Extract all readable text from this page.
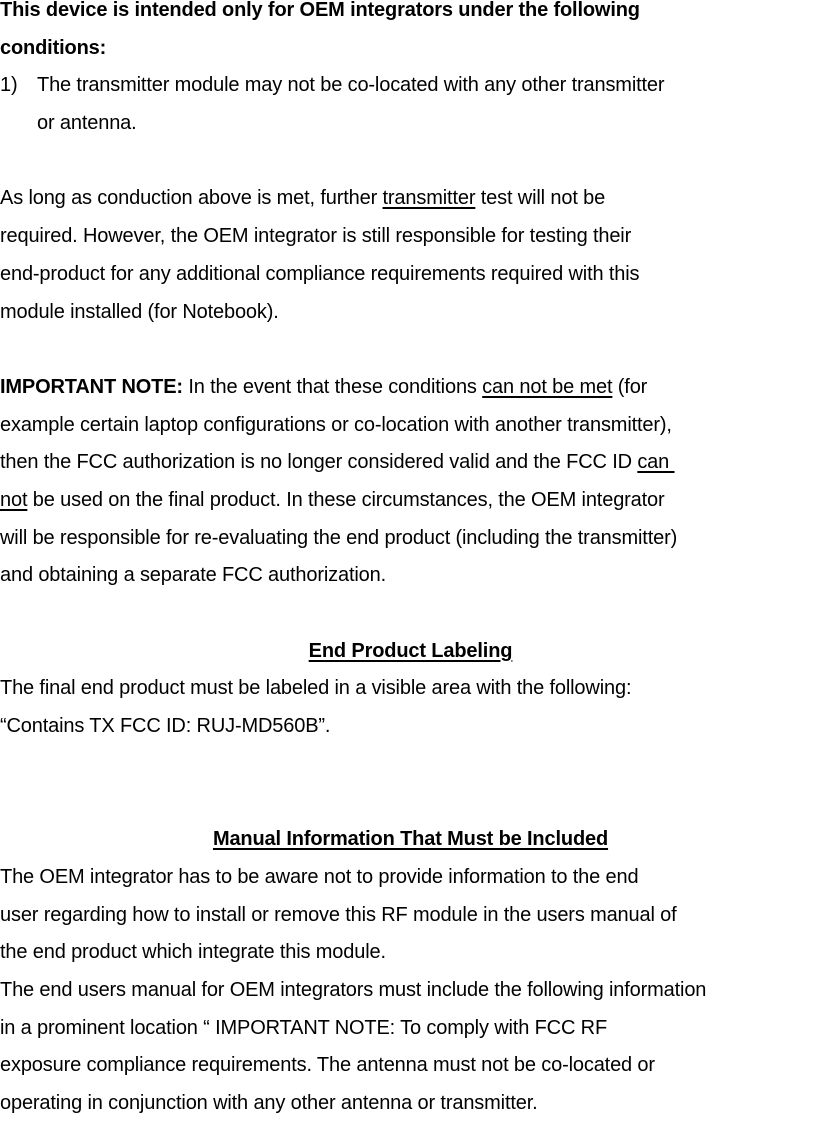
This device is intended only for OEM integrators under the following
conditions:
1) The transmitter module may not be co-located with any other transmitter
or antenna.
As long as conduction above is met, further transmitter test will not be
required. However, the OEM integrator is still responsible for testing their
end-product for any additional compliance requirements required with this
module installed (for Notebook).
IMPORTANT NOTE: In the event that these conditions can not be met (for
example certain laptop configurations or co-location with another transmitter),
then the FCC authorization is no longer considered valid and the FCC ID can
not be used on the final product. In these circumstances, the OEM integrator
will be responsible for re-evaluating the end product (including the transmitter)
and obtaining a separate FCC authorization.
End Product Labeling
The final end product must be labeled in a visible area with the following:
“Contains TX FCC ID: RUJ-MD560B”.
Manual Information That Must be Included
The OEM integrator has to be aware not to provide information to the end
user regarding how to install or remove this RF module in the users manual of
the end product which integrate this module.
The end users manual for OEM integrators must include the following information
in a prominent location “ IMPORTANT NOTE: To comply with FCC RF
exposure compliance requirements. The antenna must not be co-located or
operating in conjunction with any other antenna or transmitter.
